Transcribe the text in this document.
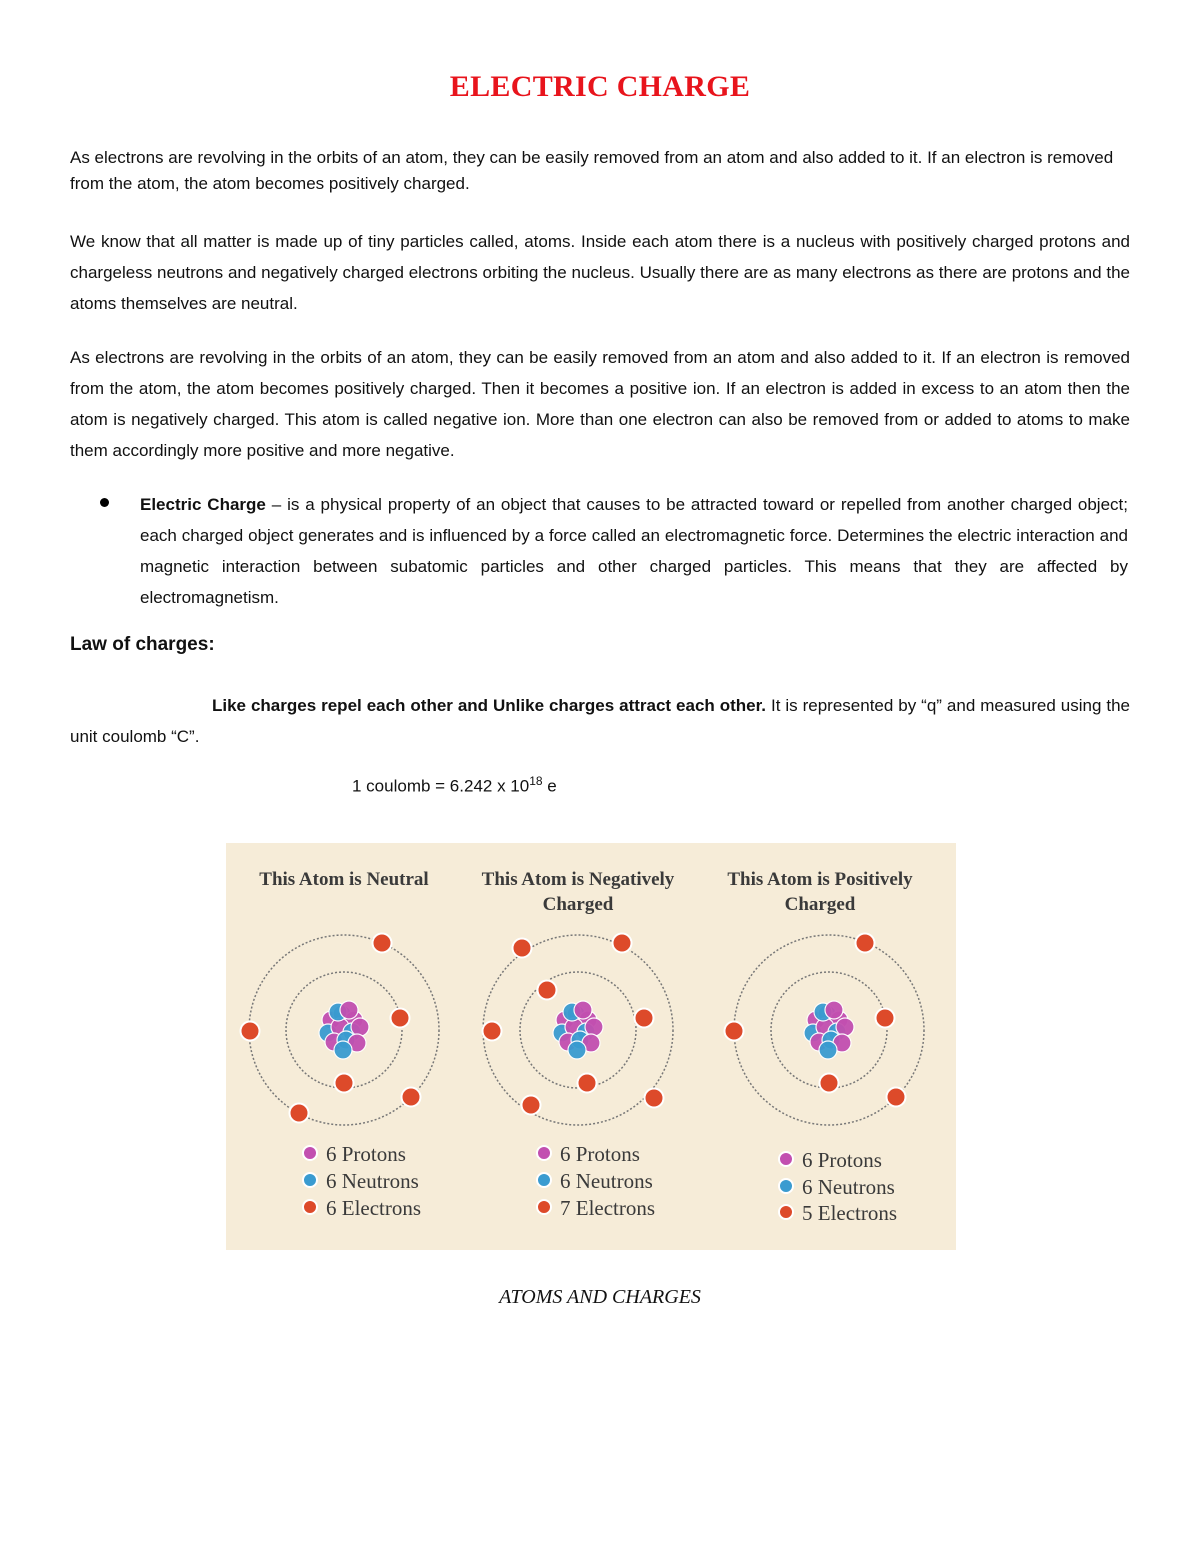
ELECTRIC CHARGE
As electrons are revolving in the orbits of an atom, they can be easily removed from an atom and also added to it. If an electron is removed from the atom, the atom becomes positively charged.
We know that all matter is made up of tiny particles called, atoms. Inside each atom there is a nucleus with positively charged protons and chargeless neutrons and negatively charged electrons orbiting the nucleus. Usually there are as many electrons as there are protons and the atoms themselves are neutral.
As electrons are revolving in the orbits of an atom, they can be easily removed from an atom and also added to it. If an electron is removed from the atom, the atom becomes positively charged. Then it becomes a positive ion. If an electron is added in excess to an atom then the atom is negatively charged. This atom is called negative ion. More than one electron can also be removed from or added to atoms to make them accordingly more positive and more negative.
Electric Charge – is a physical property of an object that causes to be attracted toward or repelled from another charged object; each charged object generates and is influenced by a force called an electromagnetic force. Determines the electric interaction and magnetic interaction between subatomic particles and other charged particles. This means that they are affected by electromagnetism.
Law of charges:
Like charges repel each other and Unlike charges attract each other. It is represented by “q” and measured using the unit coulomb “C”.
1 coulomb = 6.242 x $10^{18}$ e
This Atom is Neutral	This Atom is Negatively
Charged
This Atom is Positively
Charged
6 Protons
6 Neutrons
6 Electrons
6 Protons
6 Neutrons
7 Electrons
6 Protons
6 Neutrons
5 Electrons
ATOMS AND CHARGES
